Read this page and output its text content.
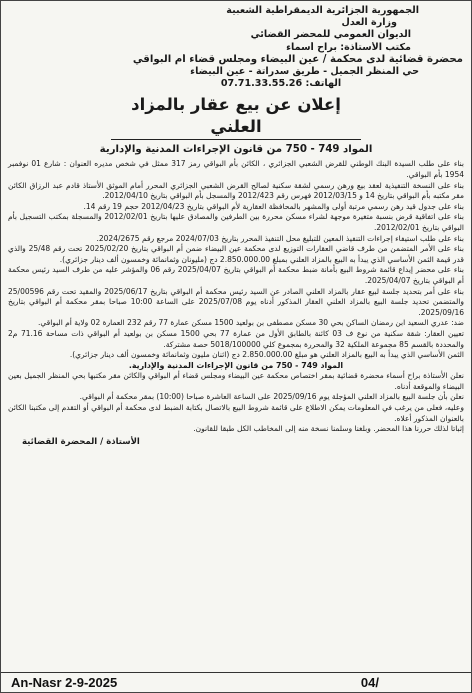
الجمهورية الجزائرية الديمقراطية الشعبية
وزارة العدل
الديوان العمومي للمحضر القضائي
مكتب الأستاذة: براح أسماء
محضرة قضائية لدى محكمة / عين البيضاء ومجلس قضاء أم البواقي
حي المنظر الجميل - طريق سدراتة - عين البيضاء
الهاتف: 07.71.33.55.26
إعلان عن بيع عقار بالمزاد العلني
المواد 749 - 750 من قانون الإجراءات المدنية والإدارية

بناء على طلب السيدة البنك الوطني للقرض الشعبي الجزائري ، الكائن بأم البواقي رمز 317 ممثل في شخص مديره العنوان : شارع 01 نوفمبر 1954 بأم البواقي.

بناء على النسخة التنفيذية لعقد بيع ورهن رسمي لشقة سكنية لصالح القرض الشعبي الجزائري المحرر أمام الموثق الأستاذ قادم عبد الرزاق الكائن مقر مكتبه بأم البواقي بتاريخ 14 و 2012/03/15 فهرس رقم 2012/423 والمسجل بأم البواقي بتاريخ 2012/04/10.

بناء على جدول قيد رهن رسمي مرتبة أولى والمشهر بالمحافظة العقارية لأم البواقي بتاريخ 2012/04/23 حجم 19 رقم 14.

بناء على اتفاقية قرض بنسبة متغيرة موجهة لشراء مسكن محررة بين الطرفين والمصادق عليها بتاريخ 2012/02/01 والمسجلة بمكتب التسجيل بأم البواقي بتاريخ 2012/02/01.

بناء على طلب استيفاء إجراءات التنفيذ المعين للتبليغ محل التنفيذ المحرر بتاريخ 2024/07/03 مرجع رقم 2024/2675.

بناء على الأمر المتضمن من طرف قاضي العقارات التوزيع لدى محكمة عين البيضاء ضمن أم البواقي بتاريخ 2025/02/20 تحت رقم 25/48 والذي قدر قيمة الثمن الأساسي الذي يبدأ به البيع بالمزاد العلني بمبلغ 2.850.000.00 دج (مليونان وثمانمائة وخمسون ألف دينار جزائري).

بناء على محضر إيداع قائمة شروط البيع بأمانة ضبط محكمة أم البواقي بتاريخ 2025/04/07 رقم 06 والمؤشر عليه من طرف السيد رئيس محكمة أم البواقي بتاريخ 2025/04/07.

بناء على أمر بتحديد جلسة لبيع عقار بالمزاد العلني الصادر عن السيد رئيس محكمة أم البواقي بتاريخ 2025/06/17 والمقيد تحت رقم 25/00596 والمتضمن تحديد جلسة البيع بالمزاد العلني العقار المذكور أدناه يوم 2025/07/08 على الساعة 10:00 صباحا بمقر محكمة أم البواقي بتاريخ 2025/09/16.

ضد: عدري السعيد ابن رمضان الساكن بحي 30 مسكن مصطفى بن بولعيد 1500 مسكن عمارة 77 رقم 232 العمارة 02 ولاية أم البواقي.

تعيين العقار: شقة سكنية من نوع ف 03 كائنة بالطابق الأول من عمارة 77 بحي 1500 مسكن بن بولعيد أم البواقي ذات مساحة 71.16 م2 والمحددة بالقسم 85 مجموعة الملكية 32 والمحررة بمجموع كلي 5018/100000 حصة مشتركة.

الثمن الأساسي الذي يبدأ به البيع بالمزاد العلني هو مبلغ 2.850.000.00 دج (اثنان مليون وثمانمائة وخمسون ألف دينار جزائري).

المواد 749 - 750 من قانون الإجراءات المدنية والإدارية.

نعلن الأستاذة براح أسماء محضرة قضائية بمقر اختصاص محكمة عين البيضاء ومجلس قضاء أم البواقي والكائن مقر مكتبها بحي المنظر الجميل بعين البيضاء والموقعة أدناه.

نعلن بأن جلسة البيع بالمزاد العلني المؤجلة يوم 2025/09/16 على الساعة العاشرة صباحا (10:00) بمقر محكمة أم البواقي.

وعليه، فعلى من يرغب في المعلومات يمكن الاطلاع على قائمة شروط البيع بالاتصال بكتابة الضبط لدى محكمة أم البواقي أو التقدم إلى مكتبنا الكائن بالعنوان المذكور أعلاه.

إثباتا لذلك حررنا هذا المحضر. وبلغنا وسلمنا نسخة منه إلى المخاطب الكل طبقا للقانون.

الأستاذة / المحضرة القضائية
An-Nasr 2-9-2025	04/
